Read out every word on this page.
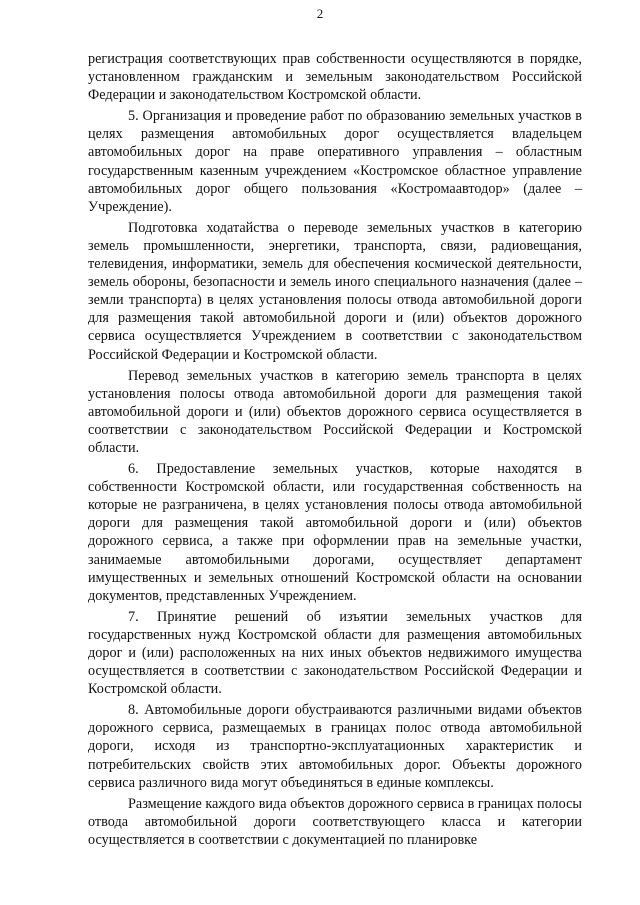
2

регистрация соответствующих прав собственности осуществляются в порядке, установленном гражданским и земельным законодательством Российской Федерации и законодательством Костромской области.

5. Организация и проведение работ по образованию земельных участков в целях размещения автомобильных дорог осуществляется владельцем автомобильных дорог на праве оперативного управления – областным государственным казенным учреждением «Костромское областное управление автомобильных дорог общего пользования «Костромаавтодор» (далее – Учреждение).

Подготовка ходатайства о переводе земельных участков в категорию земель промышленности, энергетики, транспорта, связи, радиовещания, телевидения, информатики, земель для обеспечения космической деятельности, земель обороны, безопасности и земель иного специального назначения (далее – земли транспорта) в целях установления полосы отвода автомобильной дороги для размещения такой автомобильной дороги и (или) объектов дорожного сервиса осуществляется Учреждением в соответствии с законодательством Российской Федерации и Костромской области.

Перевод земельных участков в категорию земель транспорта в целях установления полосы отвода автомобильной дороги для размещения такой автомобильной дороги и (или) объектов дорожного сервиса осуществляется в соответствии с законодательством Российской Федерации и Костромской области.

6. Предоставление земельных участков, которые находятся в собственности Костромской области, или государственная собственность на которые не разграничена, в целях установления полосы отвода автомобильной дороги для размещения такой автомобильной дороги и (или) объектов дорожного сервиса, а также при оформлении прав на земельные участки, занимаемые автомобильными дорогами, осуществляет департамент имущественных и земельных отношений Костромской области на основании документов, представленных Учреждением.

7. Принятие решений об изъятии земельных участков для государственных нужд Костромской области для размещения автомобильных дорог и (или) расположенных на них иных объектов недвижимого имущества осуществляется в соответствии с законодательством Российской Федерации и Костромской области.

8. Автомобильные дороги обустраиваются различными видами объектов дорожного сервиса, размещаемых в границах полос отвода автомобильной дороги, исходя из транспортно-эксплуатационных характеристик и потребительских свойств этих автомобильных дорог. Объекты дорожного сервиса различного вида могут объединяться в единые комплексы.

Размещение каждого вида объектов дорожного сервиса в границах полосы отвода автомобильной дороги соответствующего класса и категории осуществляется в соответствии с документацией по планировке
